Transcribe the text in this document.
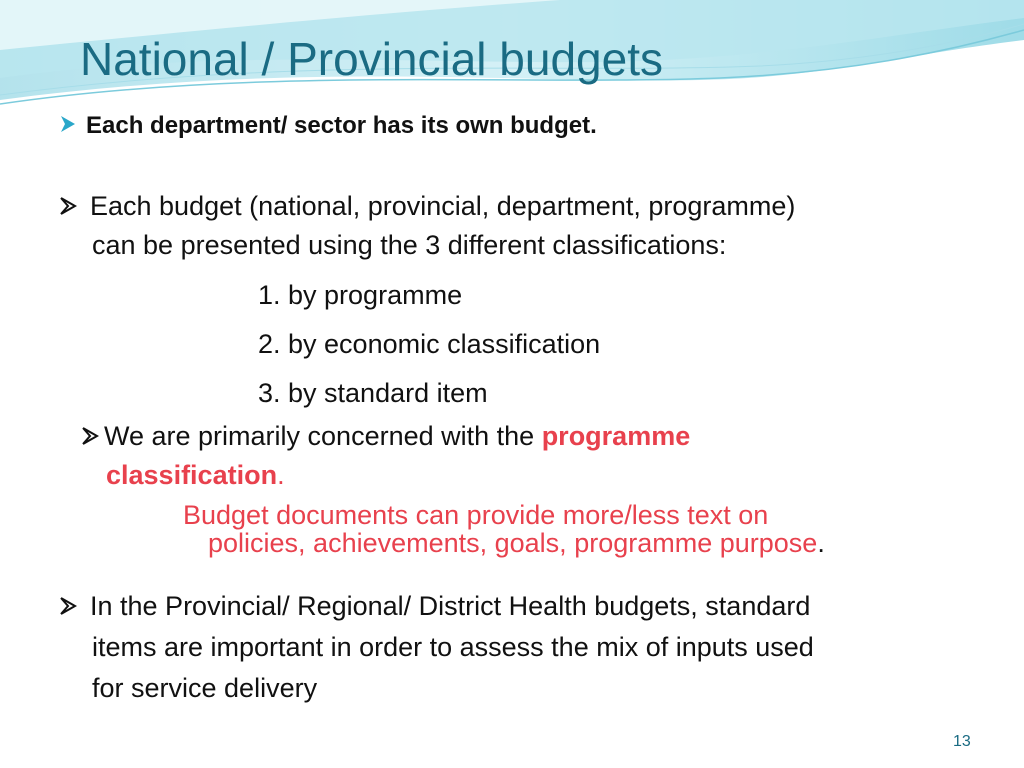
National / Provincial budgets
Each department/ sector has its own budget.
Each budget (national, provincial, department, programme)
can be presented using the 3 different classifications:
1. by programme
2. by economic classification
3. by standard item
We are primarily concerned with the programme
classification.
Budget documents can provide more/less text on
policies, achievements, goals, programme purpose.
In the Provincial/ Regional/ District Health budgets, standard
items are important in order to assess the mix of inputs used
for service delivery
13
